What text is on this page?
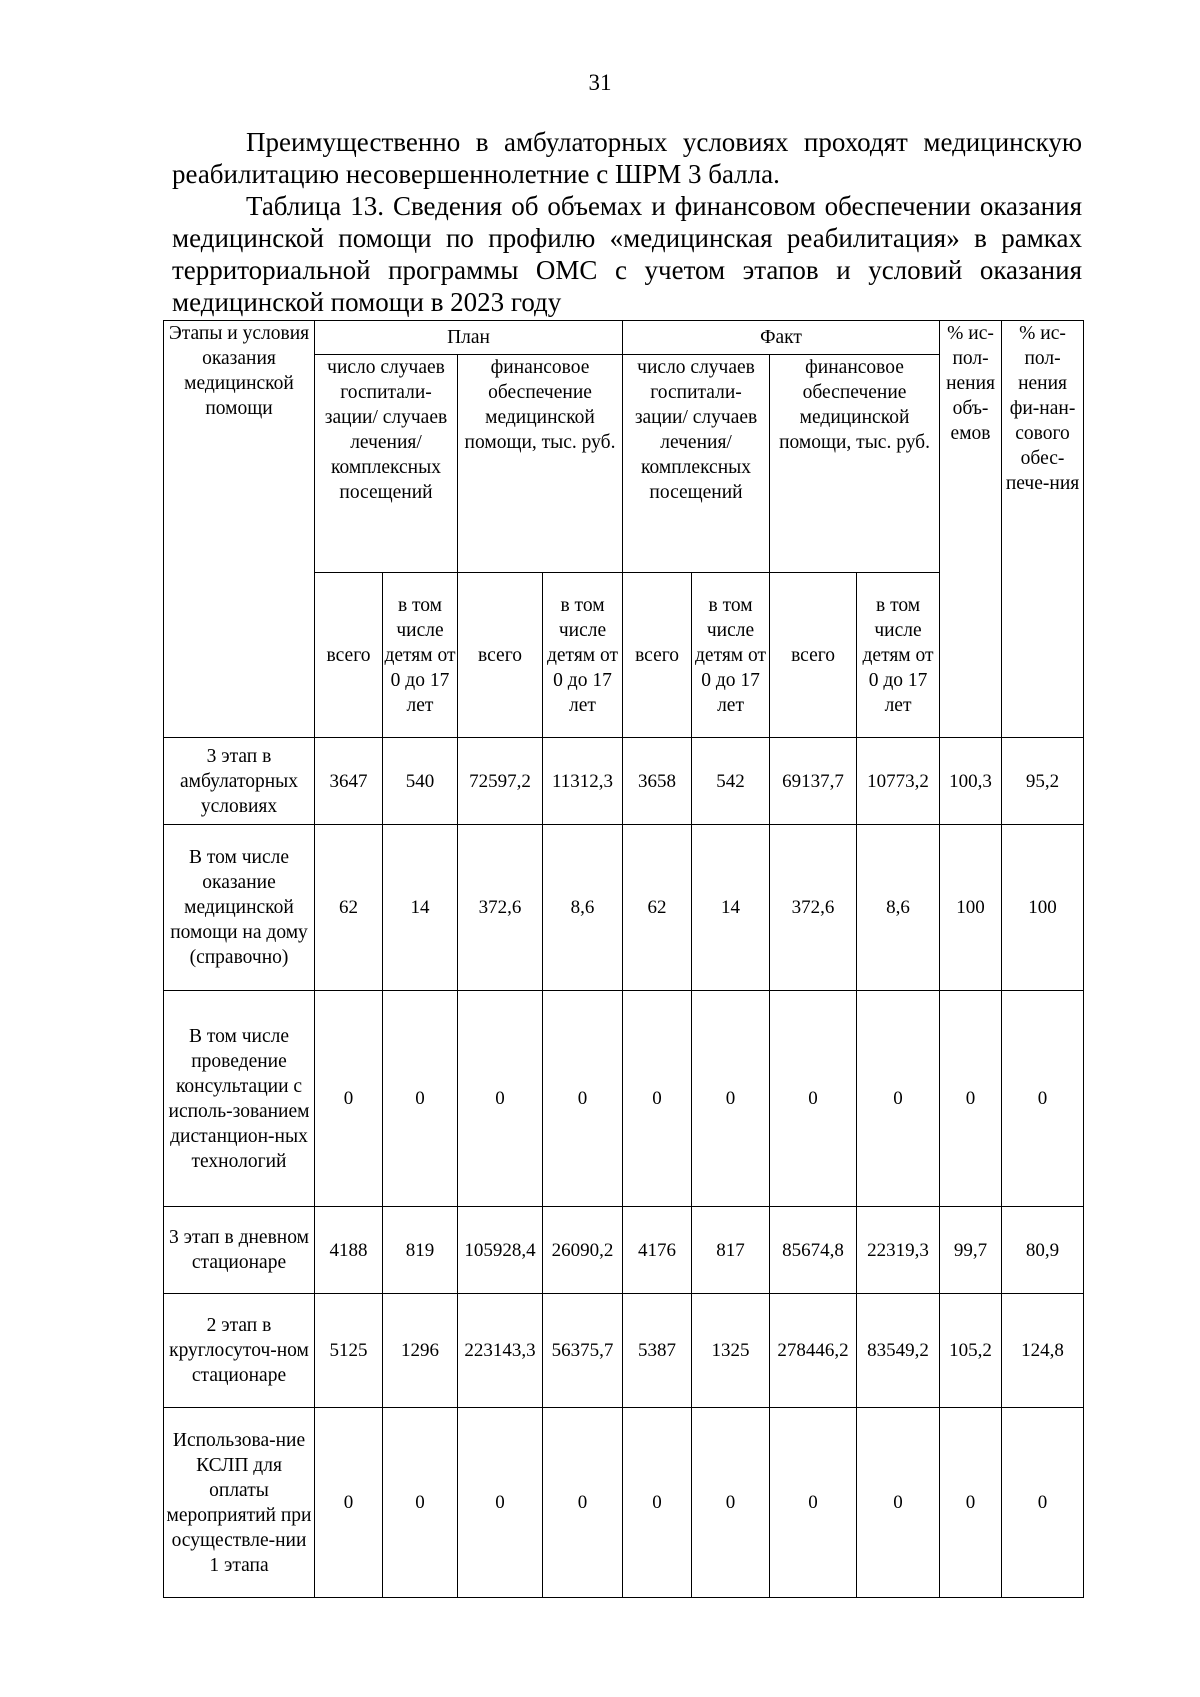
31

Преимущественно в амбулаторных условиях проходят медицинскую реабилитацию несовершеннолетние с ШРМ 3 балла.

Таблица 13. Сведения об объемах и финансовом обеспечении оказания медицинской помощи по профилю «медицинская реабилитация» в рамках территориальной программы ОМС с учетом этапов и условий оказания медицинской помощи в 2023 году

Этапы и условия оказания медицинской помощи	План				Факт				% ис-пол-нения объ-емов	% ис-пол-нения фи-нан-сового обес-пече-ния
	число случаев госпитали-зации/ случаев лечения/ комплексных посещений		финансовое обеспечение медицинской помощи, тыс. руб.		число случаев госпитали-зации/ случаев лечения/ комплексных посещений		финансовое обеспечение медицинской помощи, тыс. руб.			
	всего	в том числе детям от 0 до 17 лет	всего	в том числе детям от 0 до 17 лет	всего	в том числе детям от 0 до 17 лет	всего	в том числе детям от 0 до 17 лет		
3 этап в амбулаторных условиях	3647	540	72597,2	11312,3	3658	542	69137,7	10773,2	100,3	95,2
В том числе оказание медицинской помощи на дому (справочно)	62	14	372,6	8,6	62	14	372,6	8,6	100	100
В том числе проведение консультации с исполь-зованием дистанцион-ных технологий	0	0	0	0	0	0	0	0	0	0
3 этап в дневном стационаре	4188	819	105928,4	26090,2	4176	817	85674,8	22319,3	99,7	80,9
2 этап в круглосуточ-ном стационаре	5125	1296	223143,3	56375,7	5387	1325	278446,2	83549,2	105,2	124,8
Использова-ние КСЛП для оплаты мероприятий при осуществле-нии 1 этапа	0	0	0	0	0	0	0	0	0	0
